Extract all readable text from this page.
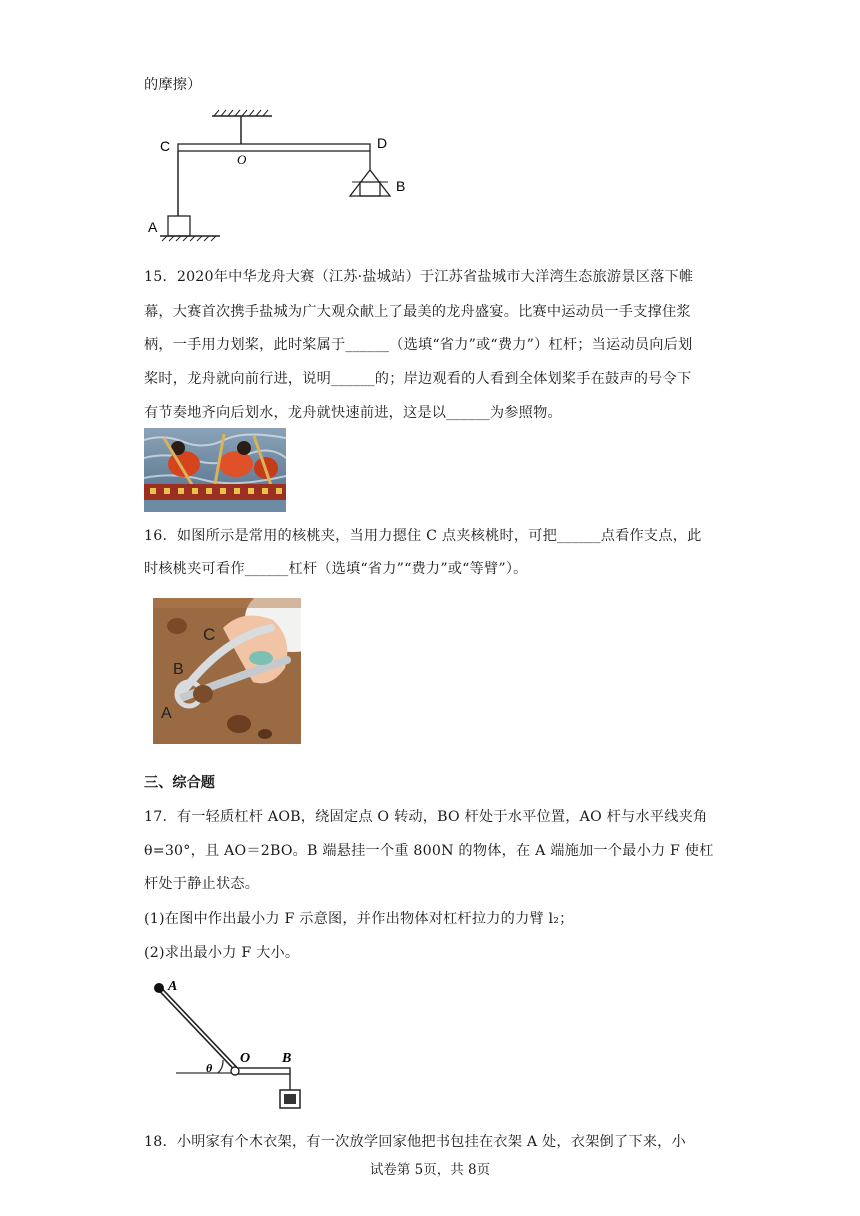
的摩擦）
C
O
D
B
A
15．2020年中华龙舟大赛（江苏·盐城站）于江苏省盐城市大洋湾生态旅游景区落下帷
幕，大赛首次携手盐城为广大观众献上了最美的龙舟盛宴。比赛中运动员一手支撑住浆
柄，一手用力划桨，此时桨属于______（选填“省力”或“费力”）杠杆；当运动员向后划
桨时，龙舟就向前行进，说明______的；岸边观看的人看到全体划桨手在鼓声的号令下
有节奏地齐向后划水，龙舟就快速前进，这是以______为参照物。
16．如图所示是常用的核桃夹，当用力摁住 C 点夹核桃时，可把______点看作支点，此
时核桃夹可看作______杠杆（选填“省力”“费力”或“等臂”）。
C
B
A
三、综合题
17．有一轻质杠杆 AOB，绕固定点 O 转动，BO 杆处于水平位置，AO 杆与水平线夹角
θ=30°，且 AO＝2BO。B 端悬挂一个重 800N 的物体，在 A 端施加一个最小力 F 使杠
杆处于静止状态。
(1)在图中作出最小力 F 示意图，并作出物体对杠杆拉力的力臂 l₂；
(2)求出最小力 F 大小。
A
θ
O B
18．小明家有个木衣架，有一次放学回家他把书包挂在衣架 A 处，衣架倒了下来，小
试卷第 5页，共 8页
